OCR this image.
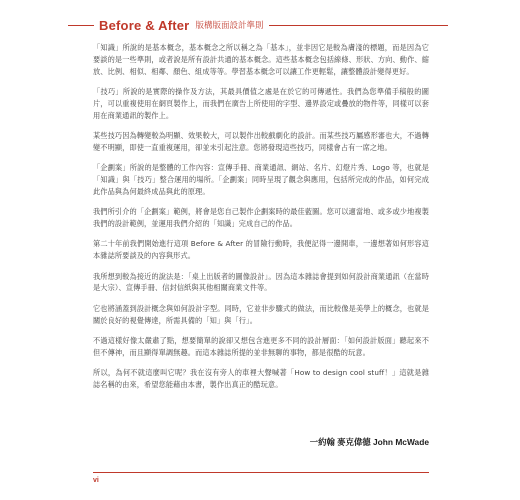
Before & After 版構版面設計準則

「知識」所說的是基本概念，基本概念之所以稱之為「基本」，並非因它是較為膚淺的標題，而是因為它要談的是一些準則，或者說是所有設計共通的基本概念。這些基本概念包括線條、形狀、方向、動作、縮放、比例、相似、相鄰、顏色、組成等等。學習基本概念可以讓工作更輕鬆，讓整體設計變得更好。

「技巧」所說的是實際的操作及方法，其最具價值之處是在於它的可傳遞性。我們為您準備手稿般的圖片，可以重複使用在網頁製作上，而我們在廣告上所使用的字型、邊界設定或疊放的物件等，同樣可以套用在商業通訊的製作上。

某些技巧因為轉變較為明顯、效果較大，可以製作出較戲劇化的設計。而某些技巧屬感形審也大，不過轉變不明顯，即使一直重複運用，卻並未引起注意。您將發現這些技巧，同樣會占有一席之地。

「企劃案」所說的是整體的工作內容：宣傳手冊、商業通訊、網站、名片、幻燈片秀、Logo 等，也就是「知識」與「技巧」整合運用的場所。「企劃案」同時呈現了觀念與應用，包括所完成的作品，如何完成此作品與為何最終成品與此的原理。

我們所引介的「企劃案」範例，將會是您自己製作企劃案時的最佳藍圖。您可以適當地、或多或少地複製我們的設計範例，並運用我們介紹的「知識」完成自己的作品。

第二十年前我們開始進行這項 Before & After 的冒險行動時，我便記得一邊開車，一邊想著如何形容這本雜誌所要談及的內容與形式。

我所想到較為接近的說法是：「桌上出版者的圖像設計」。因為這本雜誌會提到如何設計商業通訊（在當時是大宗）、宣傳手冊、信封信紙與其他相關商業文件等。

它也將涵蓋到設計概念與如何設計字型。同時，它並非步驟式的做法，而比較像是美學上的概念，也就是關於良好的視覺傳達，所需具備的「知」與「行」。

不過這樣好像太嚴肅了點，想要簡單的說卻又想包含進更多不同的設計層面：「如何設計版面」聽起來不但不傳神，而且顯得單調無趣。而這本雜誌所提的並非無聊的事物，都是很酷的玩意。

所以，為何不就這麼叫它呢？我在沒有旁人的車裡大聲喊著「How to design cool stuff！」這就是雜誌名稱的由來，希望您能藉由本書，製作出真正的酷玩意。

一約翰 麥克偉德 John McWade
vi
